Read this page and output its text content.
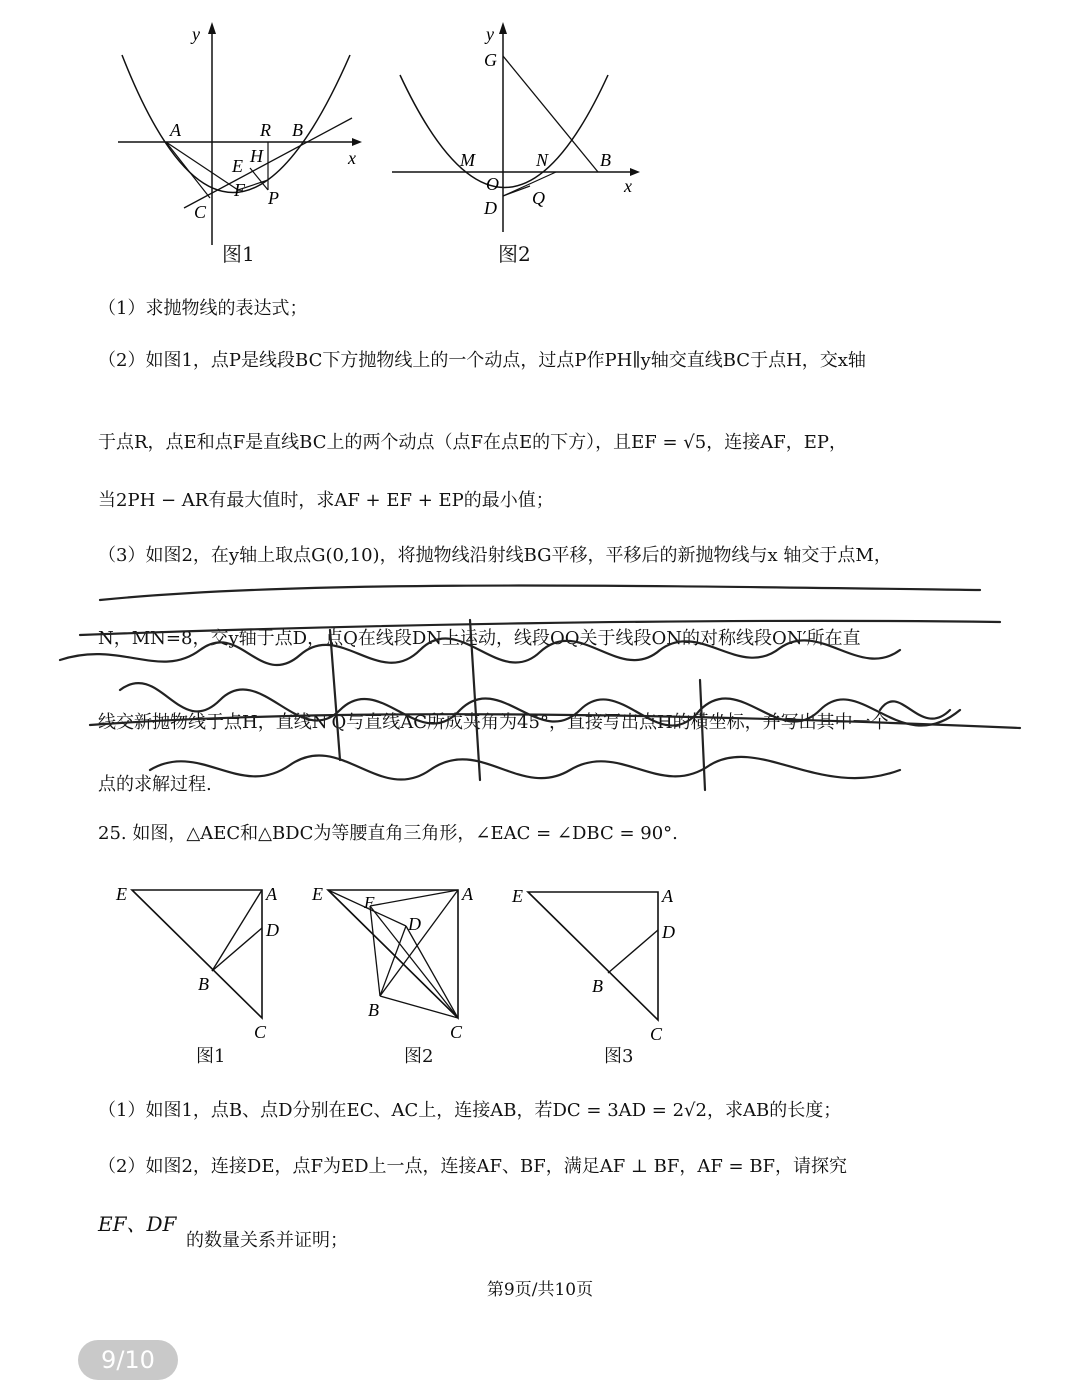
y
x
A	R B
H
E
F
C
P
图1
y
G
M	N	B
O
Q
D
x
图2
（1）求抛物线的表达式；
（2）如图1，点P是线段BC下方抛物线上的一个动点，过点P作PH∥y轴交直线BC于点H，交x轴
于点R，点E和点F是直线BC上的两个动点（点F在点E的下方），且EF = √5，连接AF，EP，
当2PH − AR有最大值时，求AF + EF + EP的最小值；
（3）如图2，在y轴上取点G(0,10)，将抛物线沿射线BG平移，平移后的新抛物线与x 轴交于点M，
N，MN=8，交y轴于点D，点Q在线段DN上运动，线段OQ关于线段ON的对称线段ON′所在直
线交新抛物线于点H，直线N′Q与直线AC所成夹角为45°，直接写出点H的横坐标，并写出其中一个
点的求解过程.
25. 如图，△AEC和△BDC为等腰直角三角形，∠EAC = ∠DBC = 90°.
E	A
D
B
C
图1
E F	A
D
B
C
图2
E	A
D
B
C
图3
（1）如图1，点B、点D分别在EC、AC上，连接AB，若DC = 3AD = 2√2，求AB的长度；
（2）如图2，连接DE，点F为ED上一点，连接AF、BF，满足AF ⊥ BF，AF = BF，请探究
EF、DF
的数量关系并证明；
第9页/共10页
9/10
